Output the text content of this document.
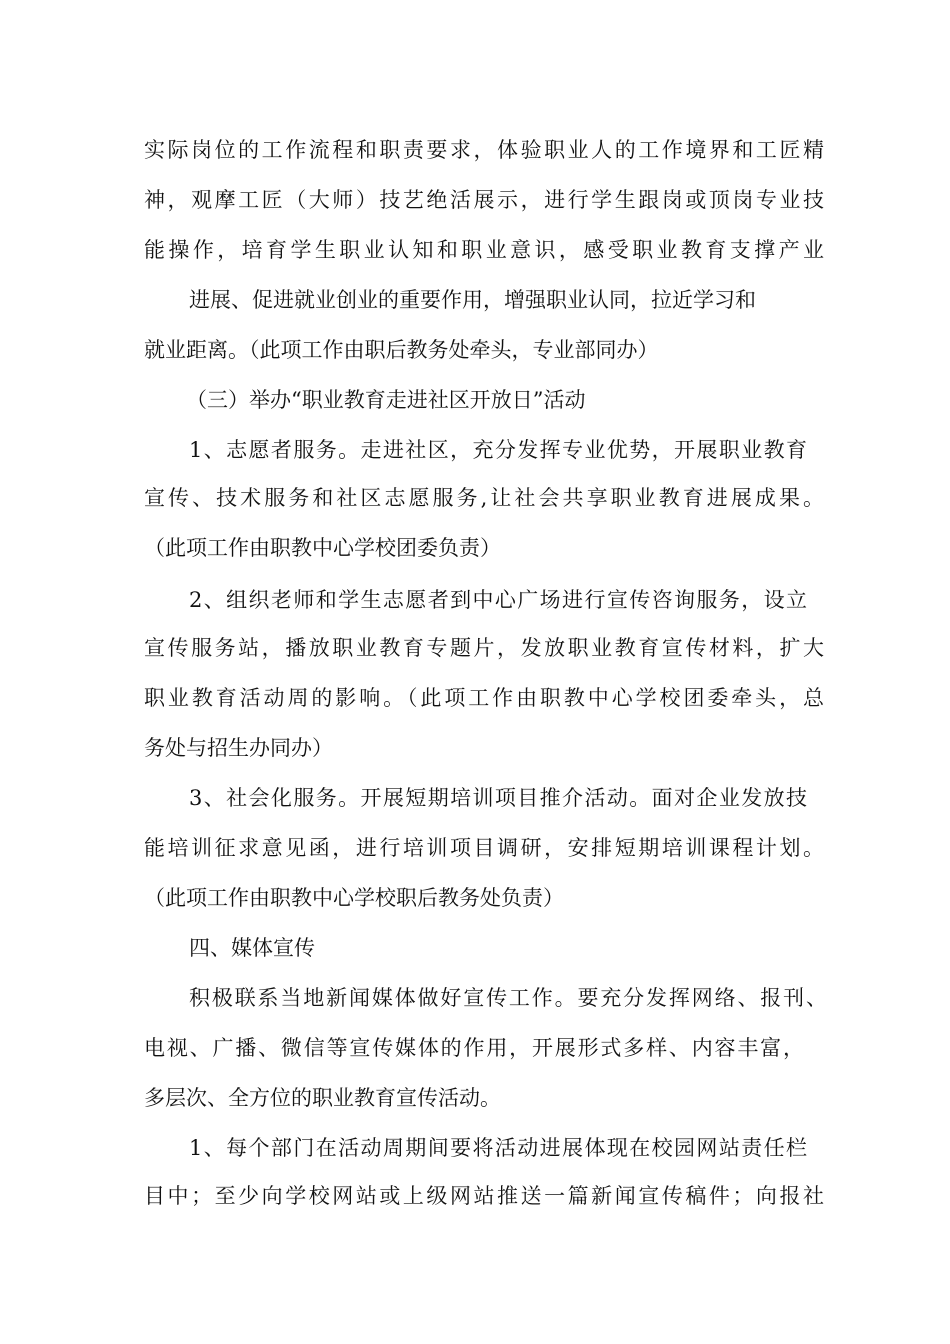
实际岗位的工作流程和职责要求，体验职业人的工作境界和工匠精
神，观摩工匠（大师）技艺绝活展示，进行学生跟岗或顶岗专业技
能操作，培育学生职业认知和职业意识，感受职业教育支撑产业
进展、促进就业创业的重要作用，增强职业认同，拉近学习和
就业距离。（此项工作由职后教务处牵头，专业部同办）
（三）举办“职业教育走进社区开放日”活动
1、志愿者服务。走进社区，充分发挥专业优势，开展职业教育
宣传、技术服务和社区志愿服务,让社会共享职业教育进展成果。
（此项工作由职教中心学校团委负责）
2、组织老师和学生志愿者到中心广场进行宣传咨询服务，设立
宣传服务站，播放职业教育专题片，发放职业教育宣传材料，扩大
职业教育活动周的影响。（此项工作由职教中心学校团委牵头，总
务处与招生办同办）
3、社会化服务。开展短期培训项目推介活动。面对企业发放技
能培训征求意见函，进行培训项目调研，安排短期培训课程计划。
（此项工作由职教中心学校职后教务处负责）
四、媒体宣传
积极联系当地新闻媒体做好宣传工作。要充分发挥网络、报刊、
电视、广播、微信等宣传媒体的作用，开展形式多样、内容丰富，
多层次、全方位的职业教育宣传活动。
1、每个部门在活动周期间要将活动进展体现在校园网站责任栏
目中；至少向学校网站或上级网站推送一篇新闻宣传稿件；向报社
